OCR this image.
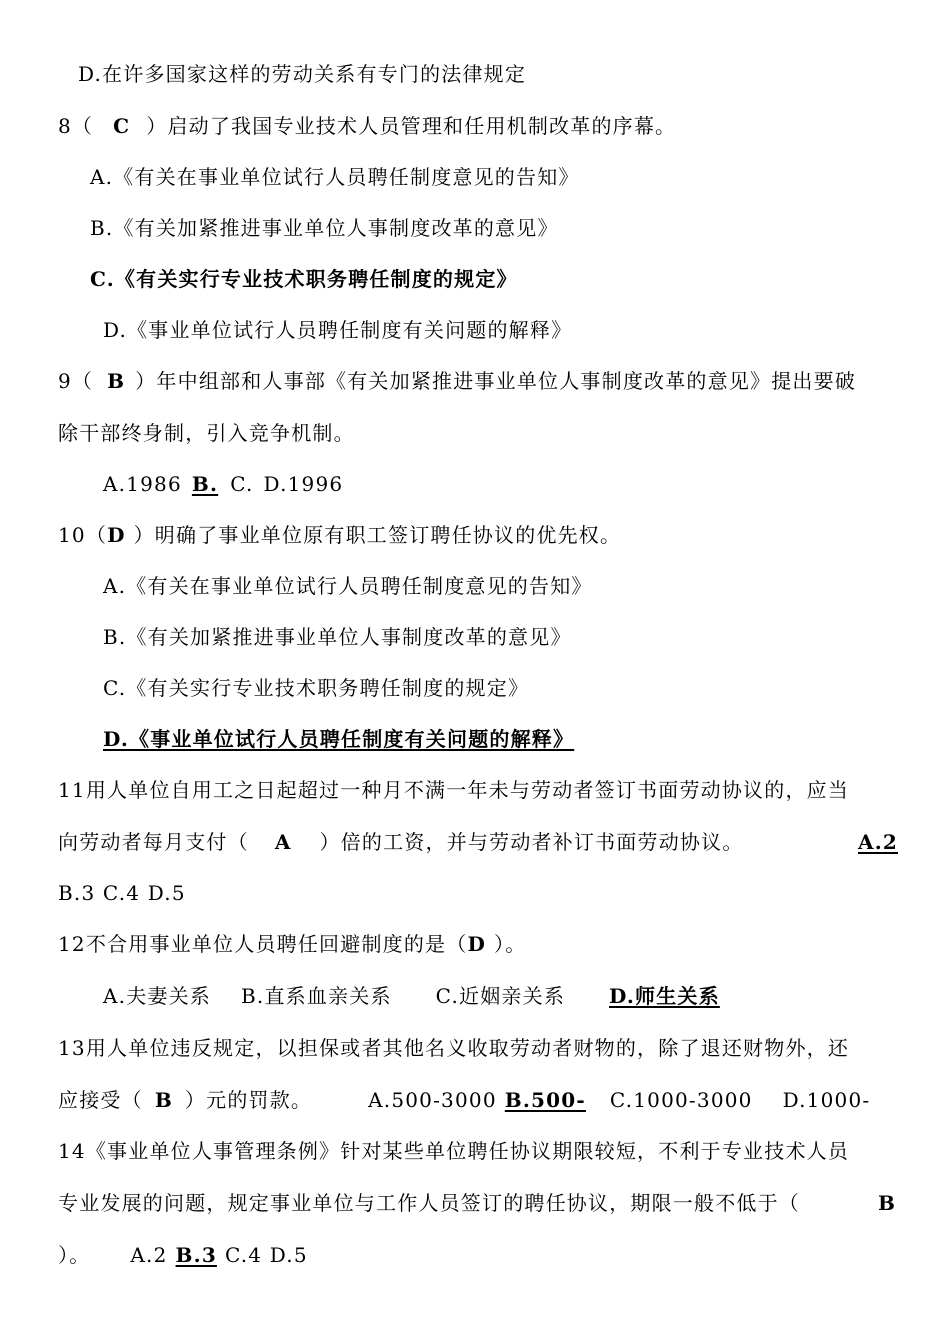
D.在许多国家这样的劳动关系有专门的法律规定
8（ C ）启动了我国专业技术人员管理和任用机制改革的序幕。
A.《有关在事业单位试行人员聘任制度意见的告知》
B.《有关加紧推进事业单位人事制度改革的意见》
C.《有关实行专业技术职务聘任制度的规定》
D.《事业单位试行人员聘任制度有关问题的解释》
9（ B ）年中组部和人事部《有关加紧推进事业单位人事制度改革的意见》提出要破
除干部终身制，引入竞争机制。
A.1986 B. C. D.1996
10（D ）明确了事业单位原有职工签订聘任协议的优先权。
A.《有关在事业单位试行人员聘任制度意见的告知》
B.《有关加紧推进事业单位人事制度改革的意见》
C.《有关实行专业技术职务聘任制度的规定》
D.《事业单位试行人员聘任制度有关问题的解释》
11用人单位自用工之日起超过一种月不满一年未与劳动者签订书面劳动协议的，应当
向劳动者每月支付（ A ）倍的工资，并与劳动者补订书面劳动协议。	A.2
B.3 C.4 D.5
12不合用事业单位人员聘任回避制度的是（D ）。
A.夫妻关系 B.直系血亲关系 C.近姻亲关系 D.师生关系
13用人单位违反规定，以担保或者其他名义收取劳动者财物的，除了退还财物外，还
应接受（ B ）元的罚款。	A.500-3000 B.500- C.1000-3000 D.1000-
14《事业单位人事管理条例》针对某些单位聘任协议期限较短，不利于专业技术人员
专业发展的问题，规定事业单位与工作人员签订的聘任协议，期限一般不低于（	B
）。 A.2 B.3 C.4 D.5
